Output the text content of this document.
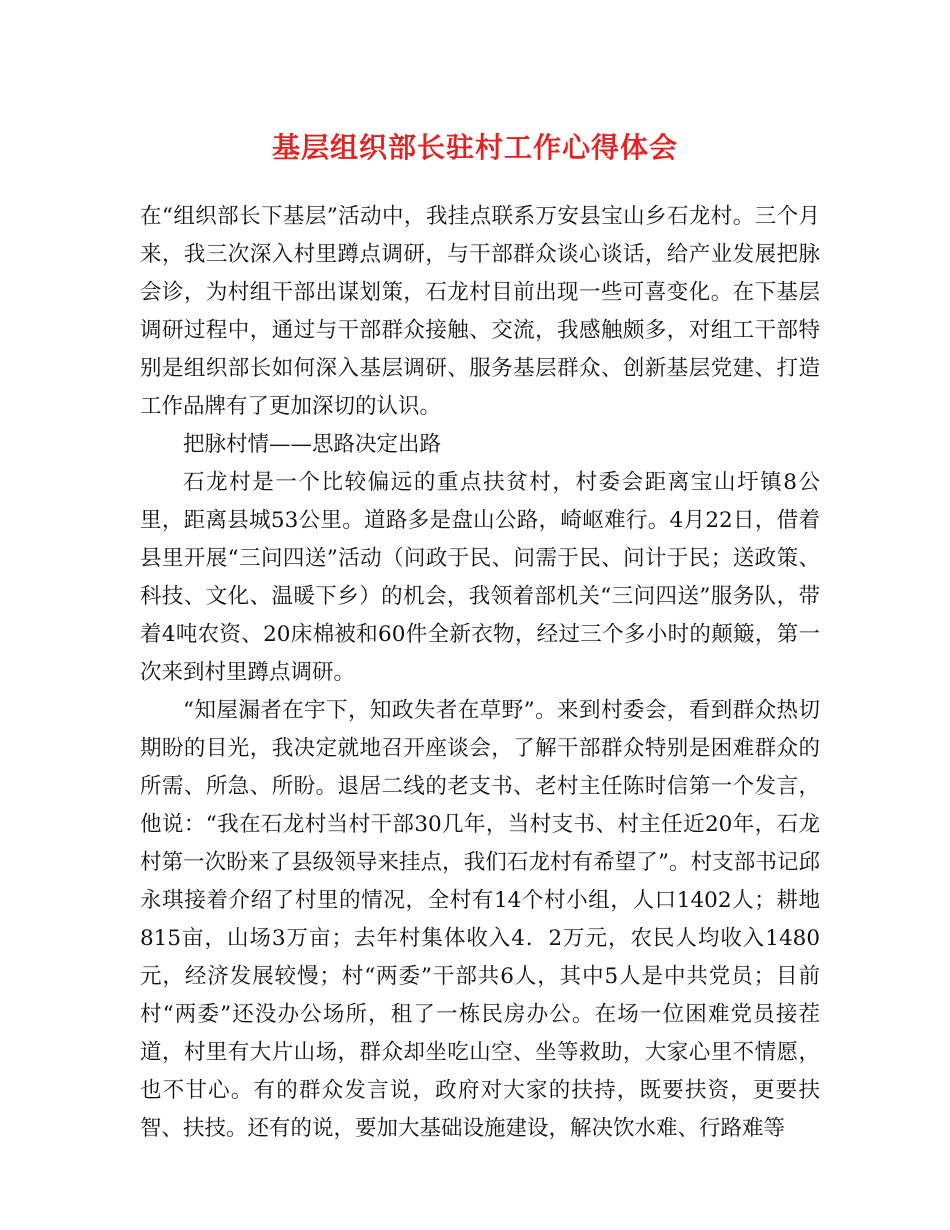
基层组织部长驻村工作心得体会

在“组织部长下基层”活动中，我挂点联系万安县宝山乡石龙村。三个月来，我三次深入村里蹲点调研，与干部群众谈心谈话，给产业发展把脉会诊，为村组干部出谋划策，石龙村目前出现一些可喜变化。在下基层调研过程中，通过与干部群众接触、交流，我感触颇多，对组工干部特别是组织部长如何深入基层调研、服务基层群众、创新基层党建、打造工作品牌有了更加深切的认识。

把脉村情——思路决定出路

石龙村是一个比较偏远的重点扶贫村，村委会距离宝山圩镇8公里，距离县城53公里。道路多是盘山公路，崎岖难行。4月22日，借着县里开展“三问四送”活动（问政于民、问需于民、问计于民；送政策、科技、文化、温暖下乡）的机会，我领着部机关“三问四送”服务队，带着4吨农资、20床棉被和60件全新衣物，经过三个多小时的颠簸，第一次来到村里蹲点调研。

“知屋漏者在宇下，知政失者在草野”。来到村委会，看到群众热切期盼的目光，我决定就地召开座谈会，了解干部群众特别是困难群众的所需、所急、所盼。退居二线的老支书、老村主任陈时信第一个发言，他说：“我在石龙村当村干部30几年，当村支书、村主任近20年，石龙村第一次盼来了县级领导来挂点，我们石龙村有希望了”。村支部书记邱永琪接着介绍了村里的情况，全村有14个村小组，人口1402人；耕地815亩，山场3万亩；去年村集体收入4．2万元，农民人均收入1480元，经济发展较慢；村“两委”干部共6人，其中5人是中共党员；目前村“两委”还没办公场所，租了一栋民房办公。在场一位困难党员接茬道，村里有大片山场，群众却坐吃山空、坐等救助，大家心里不情愿，也不甘心。有的群众发言说，政府对大家的扶持，既要扶资，更要扶智、扶技。还有的说，要加大基础设施建设，解决饮水难、行路难等
